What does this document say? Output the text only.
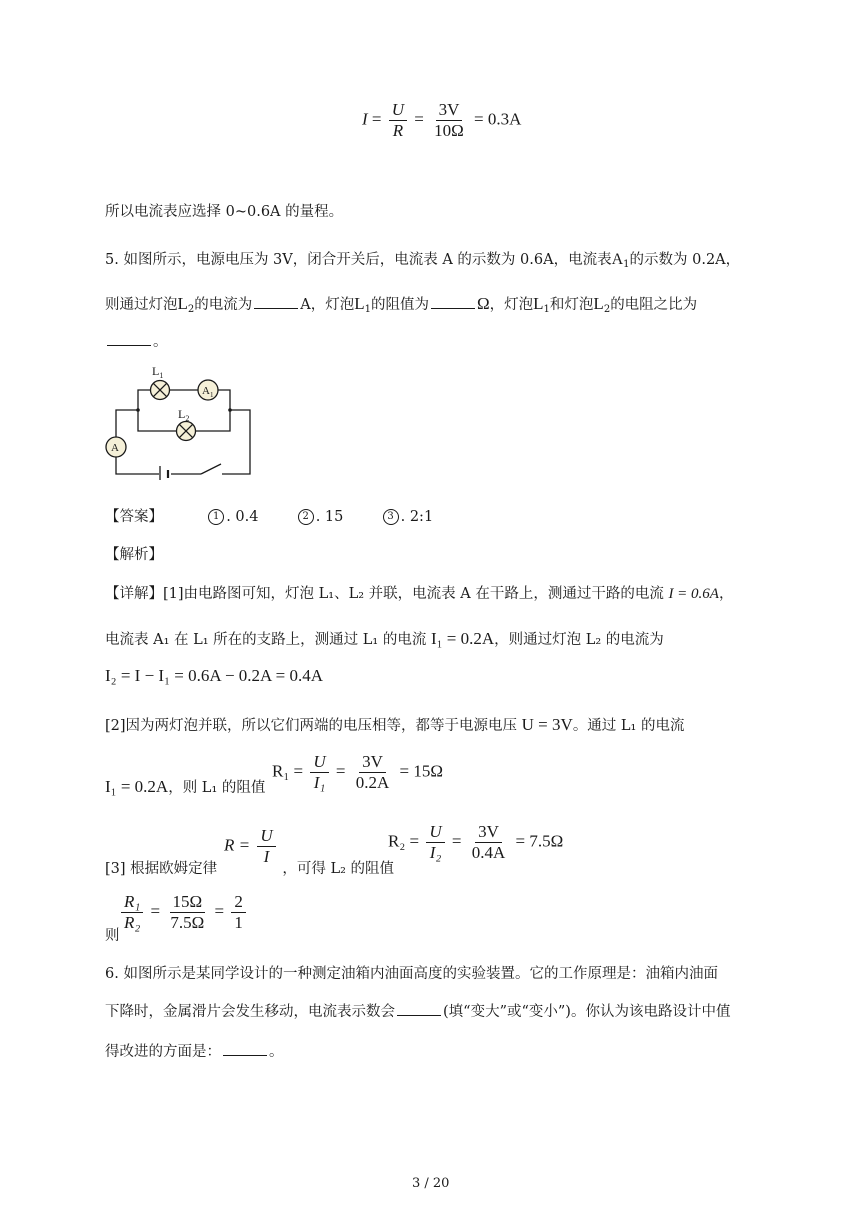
$I = \frac{U}{R} = \frac{3V}{10\Omega} = 0.3A$
所以电流表应选择 0~0.6A 的量程。
5. 如图所示，电源电压为 3V，闭合开关后，电流表 A 的示数为 0.6A，电流表$A_1$的示数为 0.2A，
则通过灯泡$L_2$的电流为	A，灯泡$L_1$的阻值为	Ω，灯泡$L_1$和灯泡$L_2$的电阻之比为
。
$L_1$
$L_2$
$A_1$
A
【答案】	1 . 0.4	2 . 15	3 . 2:1
【解析】
【详解】[1]由电路图可知，灯泡 L₁、L₂ 并联，电流表 A 在干路上，测通过干路的电流 I = 0.6A，
电流表 A₁ 在 L₁ 所在的支路上，测通过 L₁ 的电流 I₁ = 0.2A，则通过灯泡 L₂ 的电流为
I₂ = I − I₁ = 0.6A − 0.2A = 0.4A
[2]因为两灯泡并联，所以它们两端的电压相等，都等于电源电压 U = 3V。通过 L₁ 的电流
I₁ = 0.2A，则 L₁ 的阻值
$R_1 = \frac{U}{\text{I₁}} = \frac{3V}{0.2A} = 15\Omega$
$R = \frac{U}{I}$
[3] 根据欧姆定律	，可得 L₂ 的阻值
$R_2 = \frac{U}{\text{I₂}} = \frac{3V}{0.4A} = 7.5\Omega$
$\frac{\text{R₁}}{\text{R₂}} = \frac{15\Omega}{7.5\Omega} = \frac{2}{1}$
则
6. 如图所示是某同学设计的一种测定油箱内油面高度的实验装置。它的工作原理是：油箱内油面
下降时，金属滑片会发生移动，电流表示数会	(填“变大”或“变小”)。你认为该电路设计中值
得改进的方面是：	。
3 / 20
